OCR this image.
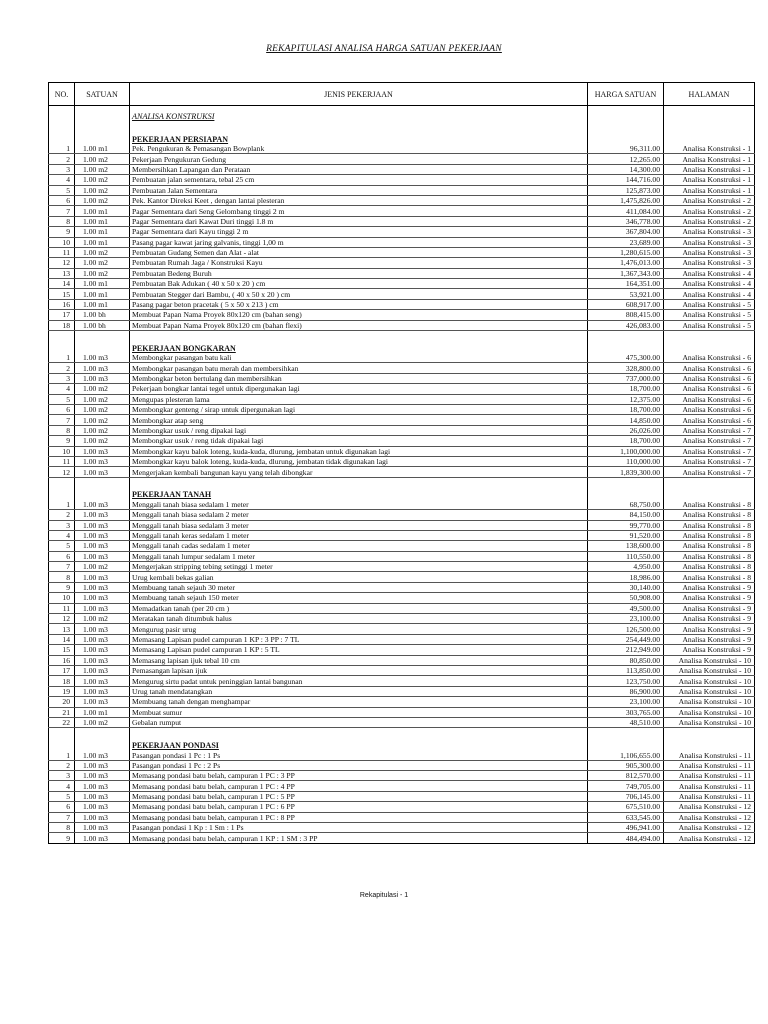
REKAPITULASI ANALISA HARGA SATUAN PEKERJAAN
NO.	SATUAN	JENIS PEKERJAAN	HARGA SATUAN	HALAMAN

		ANALISA KONSTRUKSI		

		PEKERJAAN PERSIAPAN		
1	1.00 m1	Pek. Pengukuran & Pemasangan Bowplank	96,311.00	Analisa Konstruksi - 1
2	1.00 m2	Pekerjaan Pengukuran Gedung	12,265.00	Analisa Konstruksi - 1
3	1.00 m2	Membersihkan Lapangan dan Perataan	14,300.00	Analisa Konstruksi - 1
4	1.00 m2	Pembuatan jalan sementara, tebal 25 cm	144,716.00	Analisa Konstruksi - 1
5	1.00 m2	Pembuatan Jalan Sementara	125,873.00	Analisa Konstruksi - 1
6	1.00 m2	Pek. Kantor Direksi Keet , dengan lantai plesteran	1,475,826.00	Analisa Konstruksi - 2
7	1.00 m1	Pagar Sementara dari Seng Gelombang tinggi 2 m	411,084.00	Analisa Konstruksi - 2
8	1.00 m1	Pagar Sementara dari Kawat Duri tinggi 1.8 m	346,778.00	Analisa Konstruksi - 2
9	1.00 m1	Pagar Sementara dari Kayu tinggi 2 m	367,804.00	Analisa Konstruksi - 3
10	1.00 m1	Pasang pagar kawat jaring galvanis, tinggi 1,00 m	23,689.00	Analisa Konstruksi - 3
11	1.00 m2	Pembuatan Gudang Semen dan Alat - alat	1,280,615.00	Analisa Konstruksi - 3
12	1.00 m2	Pembuatan Rumah Jaga / Konstruksi Kayu	1,476,013.00	Analisa Konstruksi - 3
13	1.00 m2	Pembuatan Bedeng Buruh	1,367,343.00	Analisa Konstruksi - 4
14	1.00 m1	Pembuatan Bak Adukan ( 40 x 50 x 20 ) cm	164,351.00	Analisa Konstruksi - 4
15	1.00 m1	Pembuatan Stegger dari Bambu, ( 40 x 50 x 20 ) cm	53,921.00	Analisa Konstruksi - 4
16	1.00 m1	Pasang pagar beton pracetak ( 5 x 50 x 213 ) cm	608,917.00	Analisa Konstruksi - 5
17	1.00 bh	Membuat Papan Nama Proyek 80x120 cm (bahan seng)	808,415.00	Analisa Konstruksi - 5
18	1.00 bh	Membuat Papan Nama Proyek 80x120 cm (bahan flexi)	426,083.00	Analisa Konstruksi - 5

		PEKERJAAN BONGKARAN		
1	1.00 m3	Membongkar pasangan batu kali	475,300.00	Analisa Konstruksi - 6
2	1.00 m3	Membongkar pasangan batu merah dan membersihkan	328,800.00	Analisa Konstruksi - 6
3	1.00 m3	Membongkar beton bertulang dan membersihkan	737,000.00	Analisa Konstruksi - 6
4	1.00 m2	Pekerjaan bongkar lantai tegel untuk dipergunakan lagi	18,700.00	Analisa Konstruksi - 6
5	1.00 m2	Mengupas plesteran lama	12,375.00	Analisa Konstruksi - 6
6	1.00 m2	Membongkar genteng / sirap untuk dipergunakan lagi	18,700.00	Analisa Konstruksi - 6
7	1.00 m2	Membongkar atap seng	14,850.00	Analisa Konstruksi - 6
8	1.00 m2	Membongkar usuk / reng dipakai lagi	26,026.00	Analisa Konstruksi - 7
9	1.00 m2	Membongkar usuk / reng tidak dipakai lagi	18,700.00	Analisa Konstruksi - 7
10	1.00 m3	Membongkar kayu balok loteng, kuda-kuda, dlurung, jembatan untuk digunakan lagi	1,100,000.00	Analisa Konstruksi - 7
11	1.00 m3	Membongkar kayu balok loteng, kuda-kuda, dlurung, jembatan tidak digunakan lagi	110,000.00	Analisa Konstruksi - 7
12	1.00 m3	Mengerjakan kembali bangunan kayu yang telah dibongkar	1,839,300.00	Analisa Konstruksi - 7

		PEKERJAAN TANAH		
1	1.00 m3	Menggali tanah biasa sedalam 1 meter	68,750.00	Analisa Konstruksi - 8
2	1.00 m3	Menggali tanah biasa sedalam 2 meter	84,150.00	Analisa Konstruksi - 8
3	1.00 m3	Menggali tanah biasa sedalam 3 meter	99,770.00	Analisa Konstruksi - 8
4	1.00 m3	Menggali tanah keras sedalam 1 meter	91,520.00	Analisa Konstruksi - 8
5	1.00 m3	Menggali tanah cadas sedalam 1 meter	138,600.00	Analisa Konstruksi - 8
6	1.00 m3	Menggali tanah lumpur sedalam 1 meter	110,550.00	Analisa Konstruksi - 8
7	1.00 m2	Mengerjakan stripping tebing setinggi 1 meter	4,950.00	Analisa Konstruksi - 8
8	1.00 m3	Urug kembali bekas galian	18,986.00	Analisa Konstruksi - 8
9	1.00 m3	Membuang tanah sejauh 30 meter	30,140.00	Analisa Konstruksi - 9
10	1.00 m3	Membuang tanah sejauh 150 meter	50,908.00	Analisa Konstruksi - 9
11	1.00 m3	Memadatkan tanah (per 20 cm )	49,500.00	Analisa Konstruksi - 9
12	1.00 m2	Meratakan tanah ditumbuk halus	23,100.00	Analisa Konstruksi - 9
13	1.00 m3	Mengurug pasir urug	126,500.00	Analisa Konstruksi - 9
14	1.00 m3	Memasang Lapisan pudel campuran 1 KP : 3 PP : 7 TL	254,449.00	Analisa Konstruksi - 9
15	1.00 m3	Memasang Lapisan pudel campuran 1 KP : 5 TL	212,949.00	Analisa Konstruksi - 9
16	1.00 m3	Memasang lapisan ijuk tebal 10 cm	80,850.00	Analisa Konstruksi - 10
17	1.00 m3	Pemasangan lapisan ijuk	113,850.00	Analisa Konstruksi - 10
18	1.00 m3	Mengurug sirtu padat untuk peninggian lantai bangunan	123,750.00	Analisa Konstruksi - 10
19	1.00 m3	Urug tanah mendatangkan	86,900.00	Analisa Konstruksi - 10
20	1.00 m3	Membuang tanah dengan menghampar	23,100.00	Analisa Konstruksi - 10
21	1.00 m1	Membuat sumur	303,765.00	Analisa Konstruksi - 10
22	1.00 m2	Gebalan rumput	48,510.00	Analisa Konstruksi - 10

		PEKERJAAN PONDASI		
1	1.00 m3	Pasangan pondasi 1 Pc : 1 Ps	1,106,655.00	Analisa Konstruksi - 11
2	1.00 m3	Pasangan pondasi 1 Pc : 2 Ps	905,300.00	Analisa Konstruksi - 11
3	1.00 m3	Memasang pondasi batu belah, campuran 1 PC : 3 PP	812,570.00	Analisa Konstruksi - 11
4	1.00 m3	Memasang pondasi batu belah, campuran 1 PC : 4 PP	749,705.00	Analisa Konstruksi - 11
5	1.00 m3	Memasang pondasi batu belah, campuran 1 PC : 5 PP	706,145.00	Analisa Konstruksi - 11
6	1.00 m3	Memasang pondasi batu belah, campuran 1 PC : 6 PP	675,510.00	Analisa Konstruksi - 12
7	1.00 m3	Memasang pondasi batu belah, campuran 1 PC : 8 PP	633,545.00	Analisa Konstruksi - 12
8	1.00 m3	Pasangan pondasi 1 Kp : 1 Sm : 1 Ps	496,941.00	Analisa Konstruksi - 12
9	1.00 m3	Memasang pondasi batu belah, campuran 1 KP : 1 SM : 3 PP	484,494.00	Analisa Konstruksi - 12
Rekapitulasi - 1
